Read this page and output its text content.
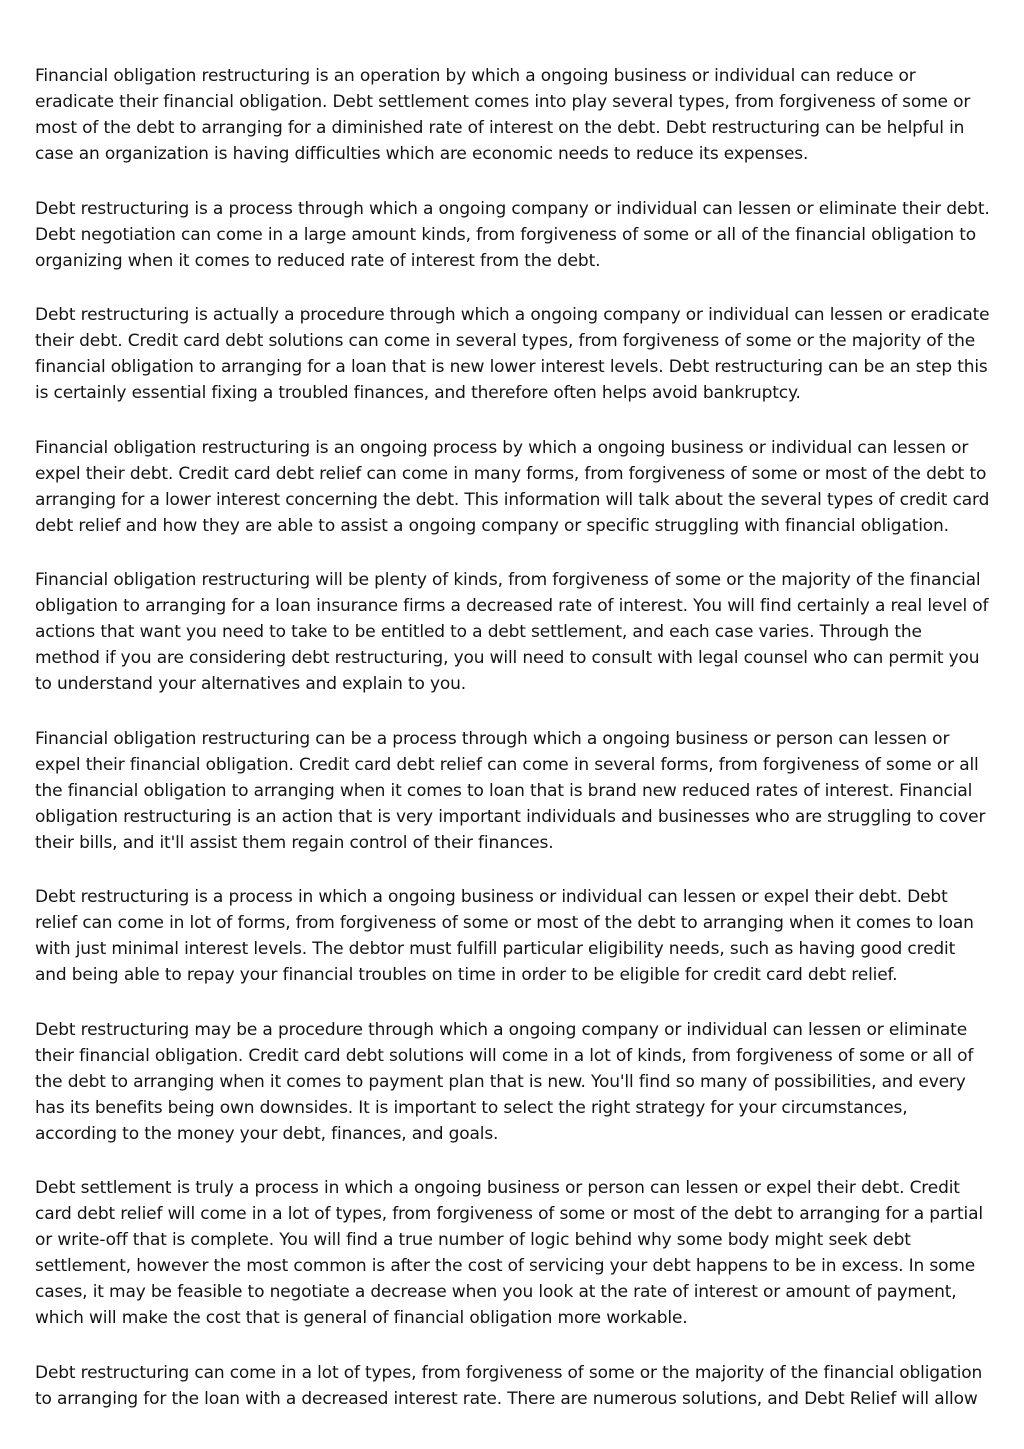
Financial obligation restructuring is an operation by which a ongoing business or individual can reduce or eradicate their financial obligation. Debt settlement comes into play several types, from forgiveness of some or most of the debt to arranging for a diminished rate of interest on the debt. Debt restructuring can be helpful in case an organization is having difficulties which are economic needs to reduce its expenses.

Debt restructuring is a process through which a ongoing company or individual can lessen or eliminate their debt. Debt negotiation can come in a large amount kinds, from forgiveness of some or all of the financial obligation to organizing when it comes to reduced rate of interest from the debt.

Debt restructuring is actually a procedure through which a ongoing company or individual can lessen or eradicate their debt. Credit card debt solutions can come in several types, from forgiveness of some or the majority of the financial obligation to arranging for a loan that is new lower interest levels. Debt restructuring can be an step this is certainly essential fixing a troubled finances, and therefore often helps avoid bankruptcy.

Financial obligation restructuring is an ongoing process by which a ongoing business or individual can lessen or expel their debt. Credit card debt relief can come in many forms, from forgiveness of some or most of the debt to arranging for a lower interest concerning the debt. This information will talk about the several types of credit card debt relief and how they are able to assist a ongoing company or specific struggling with financial obligation.

Financial obligation restructuring will be plenty of kinds, from forgiveness of some or the majority of the financial obligation to arranging for a loan insurance firms a decreased rate of interest. You will find certainly a real level of actions that want you need to take to be entitled to a debt settlement, and each case varies. Through the method if you are considering debt restructuring, you will need to consult with legal counsel who can permit you to understand your alternatives and explain to you.

Financial obligation restructuring can be a process through which a ongoing business or person can lessen or expel their financial obligation. Credit card debt relief can come in several forms, from forgiveness of some or all the financial obligation to arranging when it comes to loan that is brand new reduced rates of interest. Financial obligation restructuring is an action that is very important individuals and businesses who are struggling to cover their bills, and it'll assist them regain control of their finances.

Debt restructuring is a process in which a ongoing business or individual can lessen or expel their debt. Debt relief can come in lot of forms, from forgiveness of some or most of the debt to arranging when it comes to loan with just minimal interest levels. The debtor must fulfill particular eligibility needs, such as having good credit and being able to repay your financial troubles on time in order to be eligible for credit card debt relief.

Debt restructuring may be a procedure through which a ongoing company or individual can lessen or eliminate their financial obligation. Credit card debt solutions will come in a lot of kinds, from forgiveness of some or all of the debt to arranging when it comes to payment plan that is new. You'll find so many of possibilities, and every has its benefits being own downsides. It is important to select the right strategy for your circumstances, according to the money your debt, finances, and goals.

Debt settlement is truly a process in which a ongoing business or person can lessen or expel their debt. Credit card debt relief will come in a lot of types, from forgiveness of some or most of the debt to arranging for a partial or write-off that is complete. You will find a true number of logic behind why some body might seek debt settlement, however the most common is after the cost of servicing your debt happens to be in excess. In some cases, it may be feasible to negotiate a decrease when you look at the rate of interest or amount of payment, which will make the cost that is general of financial obligation more workable.

Debt restructuring can come in a lot of types, from forgiveness of some or the majority of the financial obligation to arranging for the loan with a decreased interest rate. There are numerous solutions, and Debt Relief will allow
